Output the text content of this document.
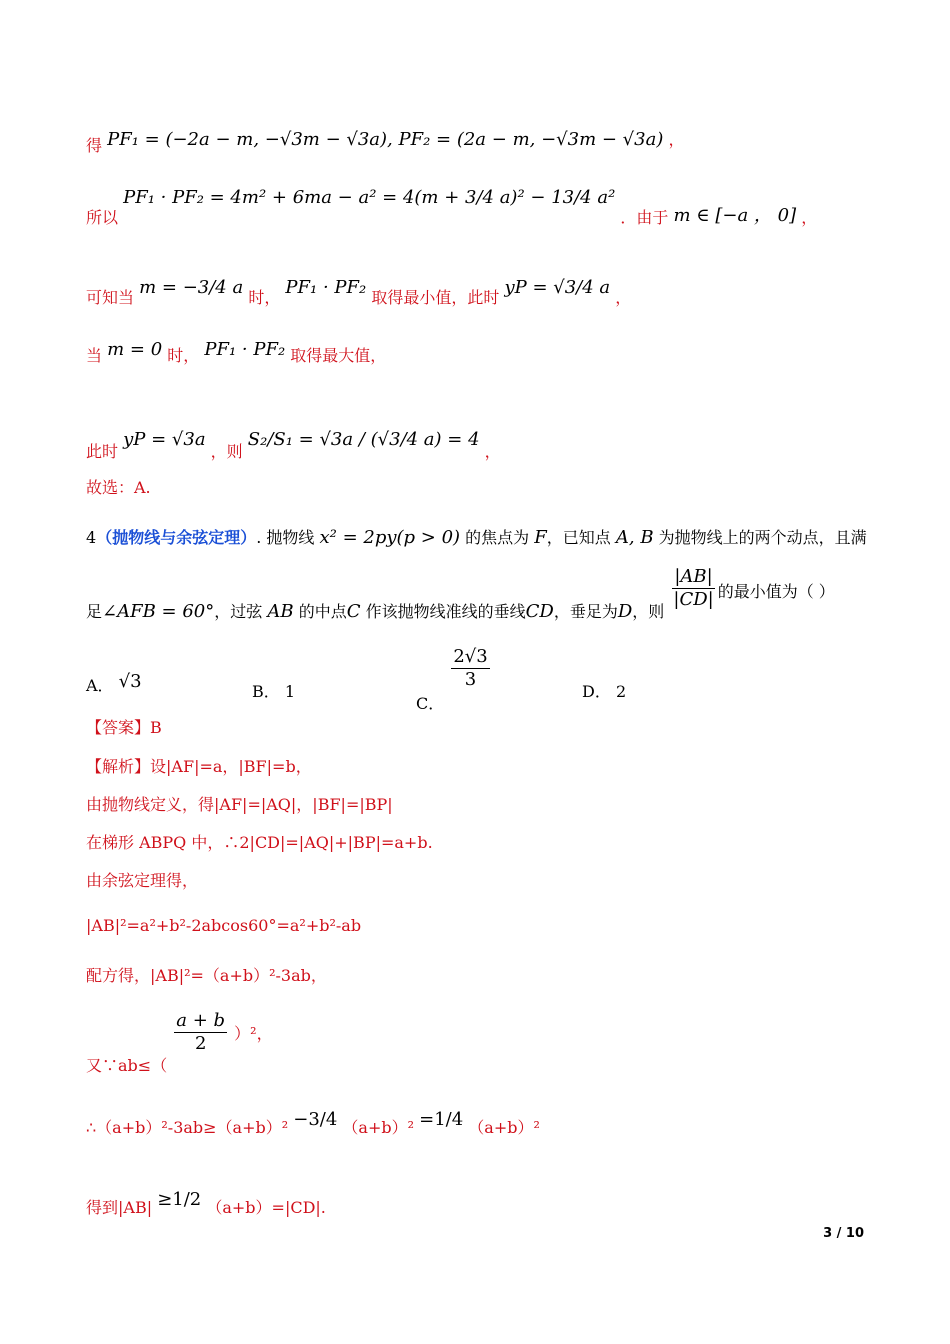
得 PF₁ = (−2a − m, −√3m − √3a), PF₂ = (2a − m, −√3m − √3a) ，
所以 PF₁ · PF₂ = 4m² + 6ma − a² = 4(m + 3/4 a)² − 13/4 a² ．由于 m ∈ [−a ， 0] ，
可知当 m = −3/4 a 时， PF₁ · PF₂ 取得最小值，此时 yP = √3/4 a ，
当 m = 0 时， PF₁ · PF₂ 取得最大值，
此时 yP = √3a ，则 S₂/S₁ = √3a / (√3/4 a) = 4 ，
故选：A.
4（抛物线与余弦定理）. 抛物线 x² = 2py(p > 0) 的焦点为 F，已知点 A, B 为抛物线上的两个动点，且满
足∠AFB = 60°，过弦 AB 的中点C 作该抛物线准线的垂线CD，垂足为D，则
$\frac{|AB|}{|CD|}$ 的最小值为（ ）
A． √3	B． 1
C．
$\frac{2√3}{3}$
D． 2
【答案】B
【解析】设|AF|=a，|BF|=b，
由抛物线定义，得|AF|=|AQ|，|BF|=|BP|
在梯形 ABPQ 中，∴2|CD|=|AQ|+|BP|=a+b.
由余弦定理得，
|AB|²=a²+b²-2abcos60°=a²+b²-ab
配方得，|AB|²=（a+b）²-3ab，
又∵ab≤（
$\frac{a + b}{2} )^2$，
∴（a+b）²-3ab≥（a+b）² −3/4 （a+b）² =1/4 （a+b）²
得到|AB| ≥1/2 （a+b）=|CD|.
3 / 10
